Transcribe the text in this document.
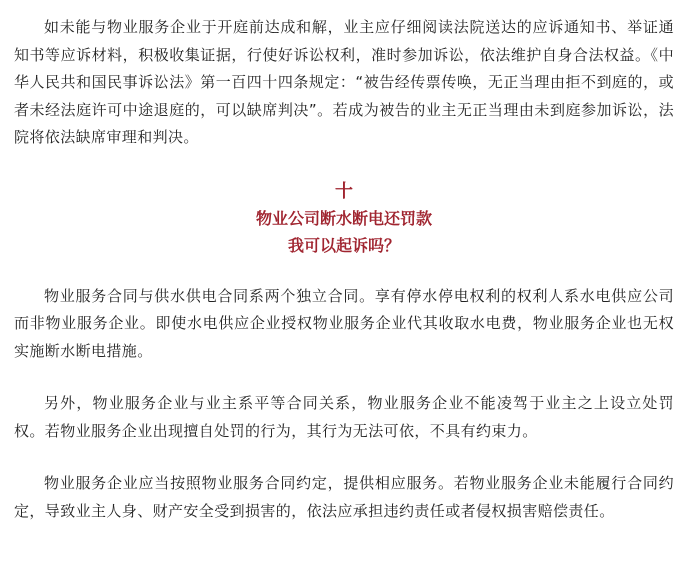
如未能与物业服务企业于开庭前达成和解，业主应仔细阅读法院送达的应诉通知书、举证通知书等应诉材料，积极收集证据，行使好诉讼权利，准时参加诉讼，依法维护自身合法权益。《中华人民共和国民事诉讼法》第一百四十四条规定：“被告经传票传唤，无正当理由拒不到庭的，或者未经法庭许可中途退庭的，可以缺席判决”。若成为被告的业主无正当理由未到庭参加诉讼，法院将依法缺席审理和判决。

十

物业公司断水断电还罚款

我可以起诉吗？

物业服务合同与供水供电合同系两个独立合同。享有停水停电权利的权利人系水电供应公司而非物业服务企业。即使水电供应企业授权物业服务企业代其收取水电费，物业服务企业也无权实施断水断电措施。

另外，物业服务企业与业主系平等合同关系，物业服务企业不能凌驾于业主之上设立处罚权。若物业服务企业出现擅自处罚的行为，其行为无法可依，不具有约束力。

物业服务企业应当按照物业服务合同约定，提供相应服务。若物业服务企业未能履行合同约定，导致业主人身、财产安全受到损害的，依法应承担违约责任或者侵权损害赔偿责任。
